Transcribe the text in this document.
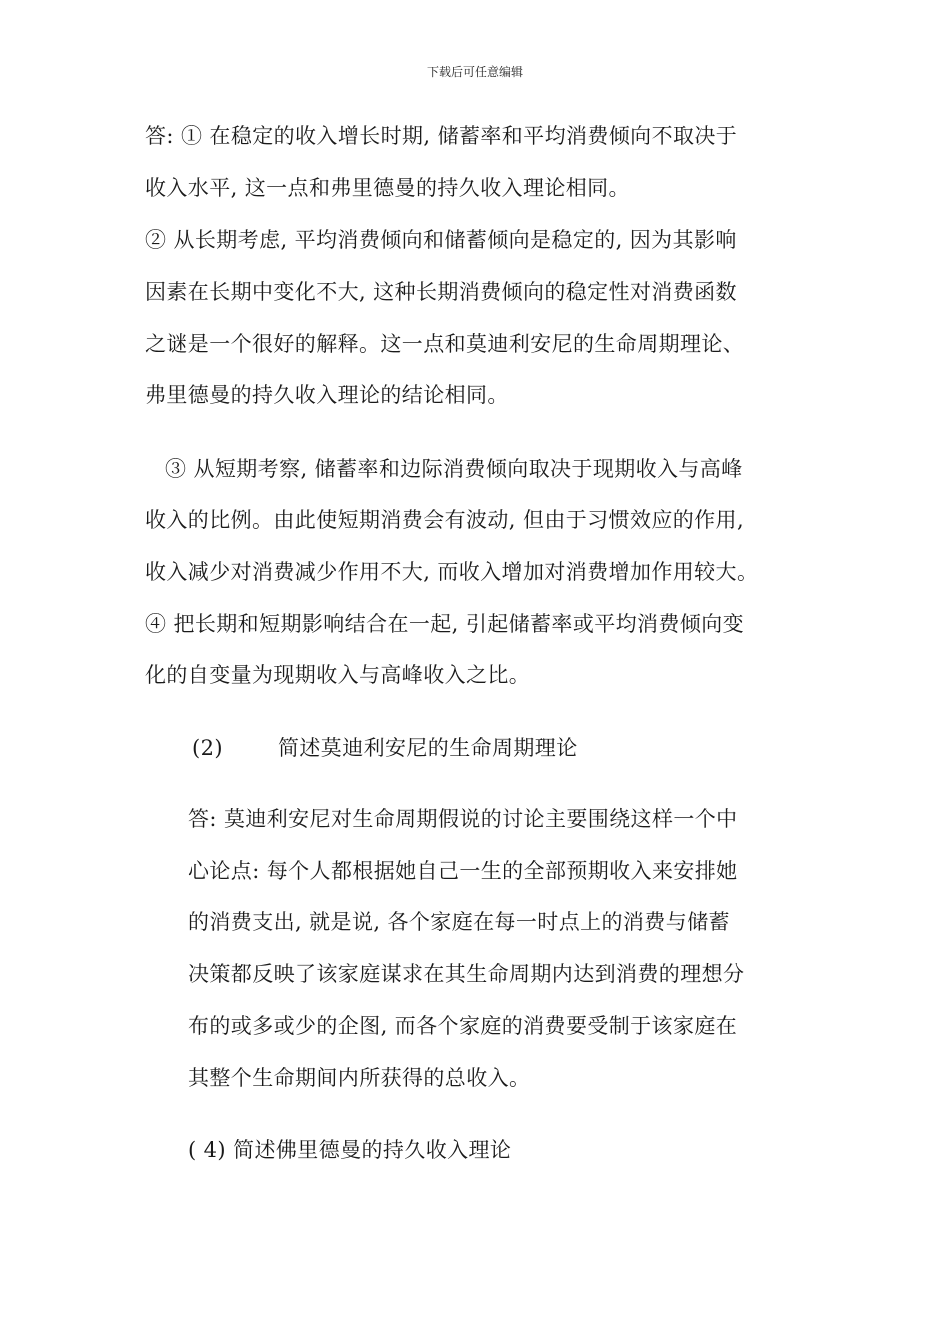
下载后可任意编辑
答: ① 在稳定的收入增长时期, 储蓄率和平均消费倾向不取决于
收入水平, 这一点和弗里德曼的持久收入理论相同。
② 从长期考虑, 平均消费倾向和储蓄倾向是稳定的, 因为其影响
因素在长期中变化不大, 这种长期消费倾向的稳定性对消费函数
之谜是一个很好的解释。这一点和莫迪利安尼的生命周期理论、
弗里德曼的持久收入理论的结论相同。
③ 从短期考察, 储蓄率和边际消费倾向取决于现期收入与高峰
收入的比例。由此使短期消费会有波动, 但由于习惯效应的作用,
收入减少对消费减少作用不大, 而收入增加对消费增加作用较大。
④ 把长期和短期影响结合在一起, 引起储蓄率或平均消费倾向变
化的自变量为现期收入与高峰收入之比。
(2)	简述莫迪利安尼的生命周期理论
答: 莫迪利安尼对生命周期假说的讨论主要围绕这样一个中
心论点: 每个人都根据她自己一生的全部预期收入来安排她
的消费支出, 就是说, 各个家庭在每一时点上的消费与储蓄
决策都反映了该家庭谋求在其生命周期内达到消费的理想分
布的或多或少的企图, 而各个家庭的消费要受制于该家庭在
其整个生命期间内所获得的总收入。
( 4) 简述佛里德曼的持久收入理论
